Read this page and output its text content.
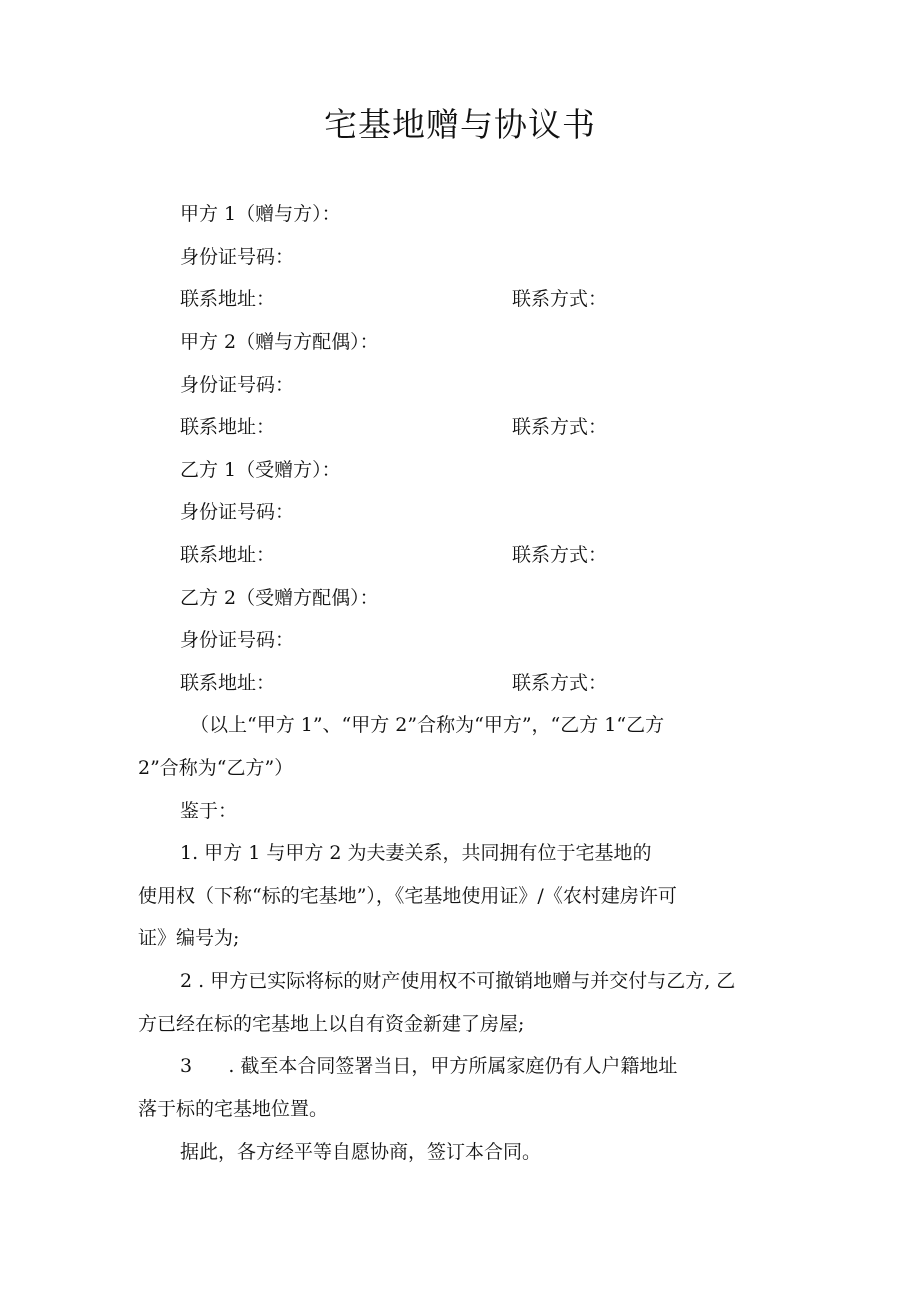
宅基地赠与协议书

甲方 1（赠与方）：

身份证号码：

联系地址：	联系方式：

甲方 2（赠与方配偶）：

身份证号码：

联系地址：	联系方式：

乙方 1（受赠方）：

身份证号码：

联系地址：	联系方式：

乙方 2（受赠方配偶）：

身份证号码：

联系地址：	联系方式：

（以上“甲方 1”、“甲方 2”合称为“甲方”，“乙方 1“乙方

2”合称为“乙方”）

鉴于：

1. 甲方 1 与甲方 2 为夫妻关系，共同拥有位于宅基地的

使用权（下称“标的宅基地”），《宅基地使用证》/《农村建房许可

证》编号为;

2 . 甲方已实际将标的财产使用权不可撤销地赠与并交付与乙方, 乙

方已经在标的宅基地上以自有资金新建了房屋;

3      . 截至本合同签署当日，甲方所属家庭仍有人户籍地址

落于标的宅基地位置。

据此，各方经平等自愿协商，签订本合同。
